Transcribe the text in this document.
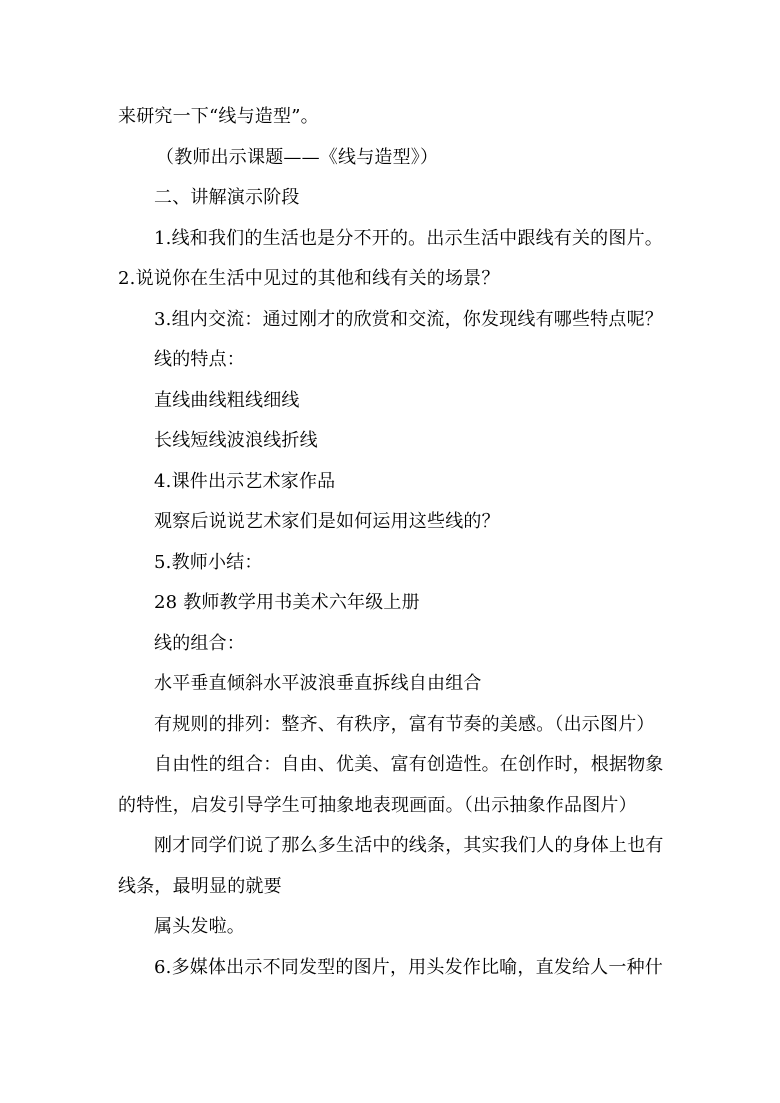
来研究一下“线与造型”。
（教师出示课题——《线与造型》）
二、讲解演示阶段
1.线和我们的生活也是分不开的。出示生活中跟线有关的图片。
2.说说你在生活中见过的其他和线有关的场景？
3.组内交流：通过刚才的欣赏和交流，你发现线有哪些特点呢？
线的特点：
直线曲线粗线细线
长线短线波浪线折线
4.课件出示艺术家作品
观察后说说艺术家们是如何运用这些线的？
5.教师小结：
28 教师教学用书美术六年级上册
线的组合：
水平垂直倾斜水平波浪垂直拆线自由组合
有规则的排列：整齐、有秩序，富有节奏的美感。（出示图片）
自由性的组合：自由、优美、富有创造性。在创作时，根据物象
的特性，启发引导学生可抽象地表现画面。（出示抽象作品图片）
刚才同学们说了那么多生活中的线条，其实我们人的身体上也有
线条，最明显的就要
属头发啦。
6.多媒体出示不同发型的图片，用头发作比喻，直发给人一种什
